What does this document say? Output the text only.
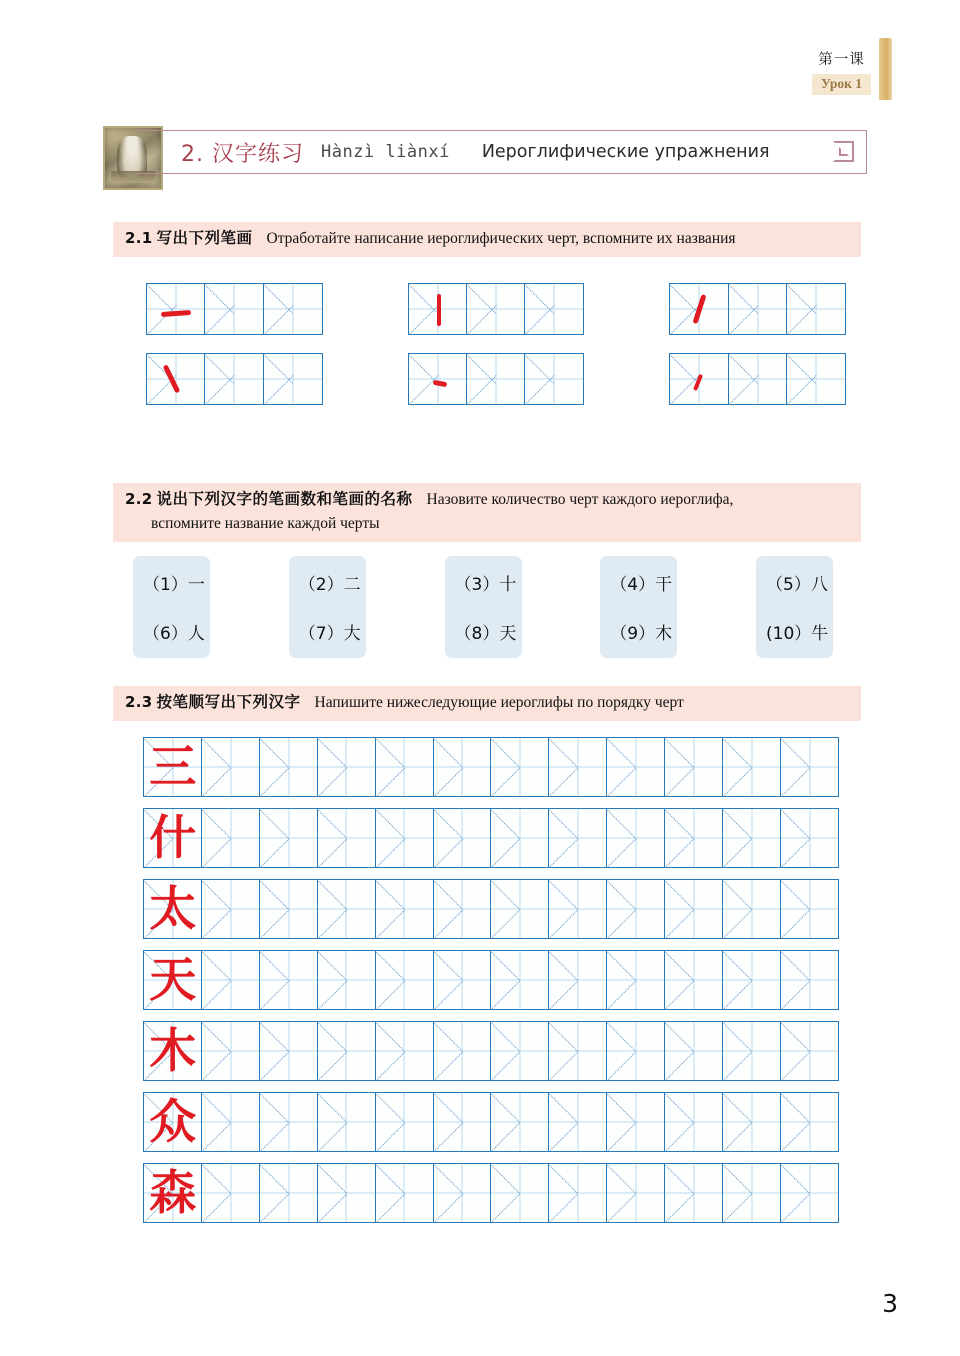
第一课
Урок 1
2. 汉字练习 Hànzì liànxí Иероглифические упражнения
2.1 写出下列笔画 Отработайте написание иероглифических черт, вспомните их названия
2.2 说出下列汉字的笔画数和笔画的名称 Назовите количество черт каждого иероглифа,
вспомните название каждой черты
（1）一
（6）人
（2）二
（7）大
（3）十
（8）天
（4）干
（9）木
（5）八
(10）牛
2.3 按笔顺写出下列汉字 Напишите нижеследующие иероглифы по порядку черт
三
什
太
天
木
众
森
3
